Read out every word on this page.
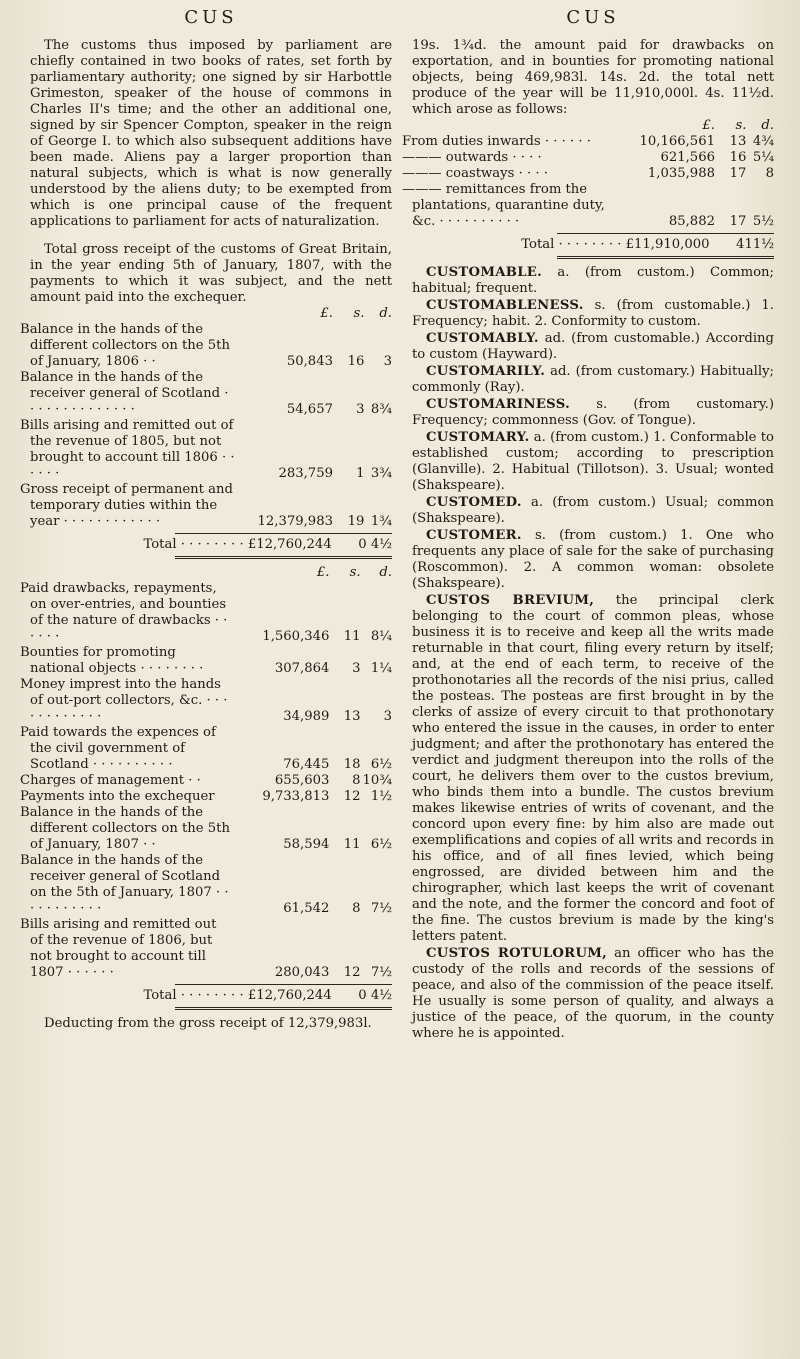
CUS

The customs thus imposed by parliament are chiefly contained in two books of rates, set forth by parliamentary authority; one signed by sir Harbottle Grimeston, speaker of the house of commons in Charles II's time; and the other an additional one, signed by sir Spencer Compton, speaker in the reign of George I. to which also subsequent additions have been made. Aliens pay a larger proportion than natural subjects, which is what is now generally understood by the aliens duty; to be exempted from which is one principal cause of the frequent applications to parliament for acts of naturalization.

Total gross receipt of the customs of Great Britain, in the year ending 5th of January, 1807, with the payments to which it was subject, and the nett amount paid into the exchequer.

	£.	s.	d.
Balance in the hands of the different collectors on the 5th of January, 1806 · ·	50,843	16	3
Balance in the hands of the receiver general of Scotland · · · · · · · · · · · · · ·	54,657	3	8¾
Bills arising and remitted out of the revenue of 1805, but not brought to account till 1806 · · · · · ·	283,759	1	3¾
Gross receipt of permanent and temporary duties within the year · · · · · · · · · · · ·	12,379,983	19	1¾
Total · · · · · · · · £12,760,244	0	4½
	£.	s.	d.
Paid drawbacks, repayments, on over-entries, and bounties of the nature of drawbacks · · · · · ·	1,560,346	11	8¼
Bounties for promoting national objects · · · · · · · ·	307,864	3	1¼
Money imprest into the hands of out-port collectors, &c. · · · · · · · · · · · ·	34,989	13	3
Paid towards the expences of the civil government of Scotland · · · · · · · · · ·	76,445	18	6½
Charges of management · ·	655,603	8	10¾
Payments into the exchequer	9,733,813	12	1½
Balance in the hands of the different collectors on the 5th of January, 1807 · ·	58,594	11	6½
Balance in the hands of the receiver general of Scotland on the 5th of January, 1807 · · · · · · · · · · ·	61,542	8	7½
Bills arising and remitted out of the revenue of 1806, but not brought to account till 1807 · · · · · ·	280,043	12	7½
Total · · · · · · · · £12,760,244	0	4½

Deducting from the gross receipt of 12,379,983l.

CUS

19s. 1¾d. the amount paid for drawbacks on exportation, and in bounties for promoting national objects, being 469,983l. 14s. 2d. the total nett produce of the year will be 11,910,000l. 4s. 11½d. which arose as follows:

	£.	s.	d.
From duties inwards · · · · · ·	10,166,561	13	4¾
——— outwards · · · ·	621,566	16	5¼
——— coastways · · · ·	1,035,988	17	8
——— remittances from the plantations, quarantine duty, &c. · · · · · · · · · ·	85,882	17	5½
Total · · · · · · · · £11,910,000	4	11½

CUSTOMABLE. a. (from custom.) Common; habitual; frequent.

CUSTOMABLENESS. s. (from customable.) 1. Frequency; habit. 2. Conformity to custom.

CUSTOMABLY. ad. (from customable.) According to custom (Hayward).

CUSTOMARILY. ad. (from customary.) Habitually; commonly (Ray).

CUSTOMARINESS. s. (from customary.) Frequency; commonness (Gov. of Tongue).

CUSTOMARY. a. (from custom.) 1. Conformable to established custom; according to prescription (Glanville). 2. Habitual (Tillotson). 3. Usual; wonted (Shakspeare).

CUSTOMED. a. (from custom.) Usual; common (Shakspeare).

CUSTOMER. s. (from custom.) 1. One who frequents any place of sale for the sake of purchasing (Roscommon). 2. A common woman: obsolete (Shakspeare).

CUSTOS BREVIUM, the principal clerk belonging to the court of common pleas, whose business it is to receive and keep all the writs made returnable in that court, filing every return by itself; and, at the end of each term, to receive of the prothonotaries all the records of the nisi prius, called the posteas. The posteas are first brought in by the clerks of assize of every circuit to that prothonotary who entered the issue in the causes, in order to enter judgment; and after the prothonotary has entered the verdict and judgment thereupon into the rolls of the court, he delivers them over to the custos brevium, who binds them into a bundle. The custos brevium makes likewise entries of writs of covenant, and the concord upon every fine: by him also are made out exemplifications and copies of all writs and records in his office, and of all fines levied, which being engrossed, are divided between him and the chirographer, which last keeps the writ of covenant and the note, and the former the concord and foot of the fine. The custos brevium is made by the king's letters patent.

CUSTOS ROTULORUM, an officer who has the custody of the rolls and records of the sessions of peace, and also of the commission of the peace itself. He usually is some person of quality, and always a justice of the peace, of the quorum, in the county where he is appointed.
